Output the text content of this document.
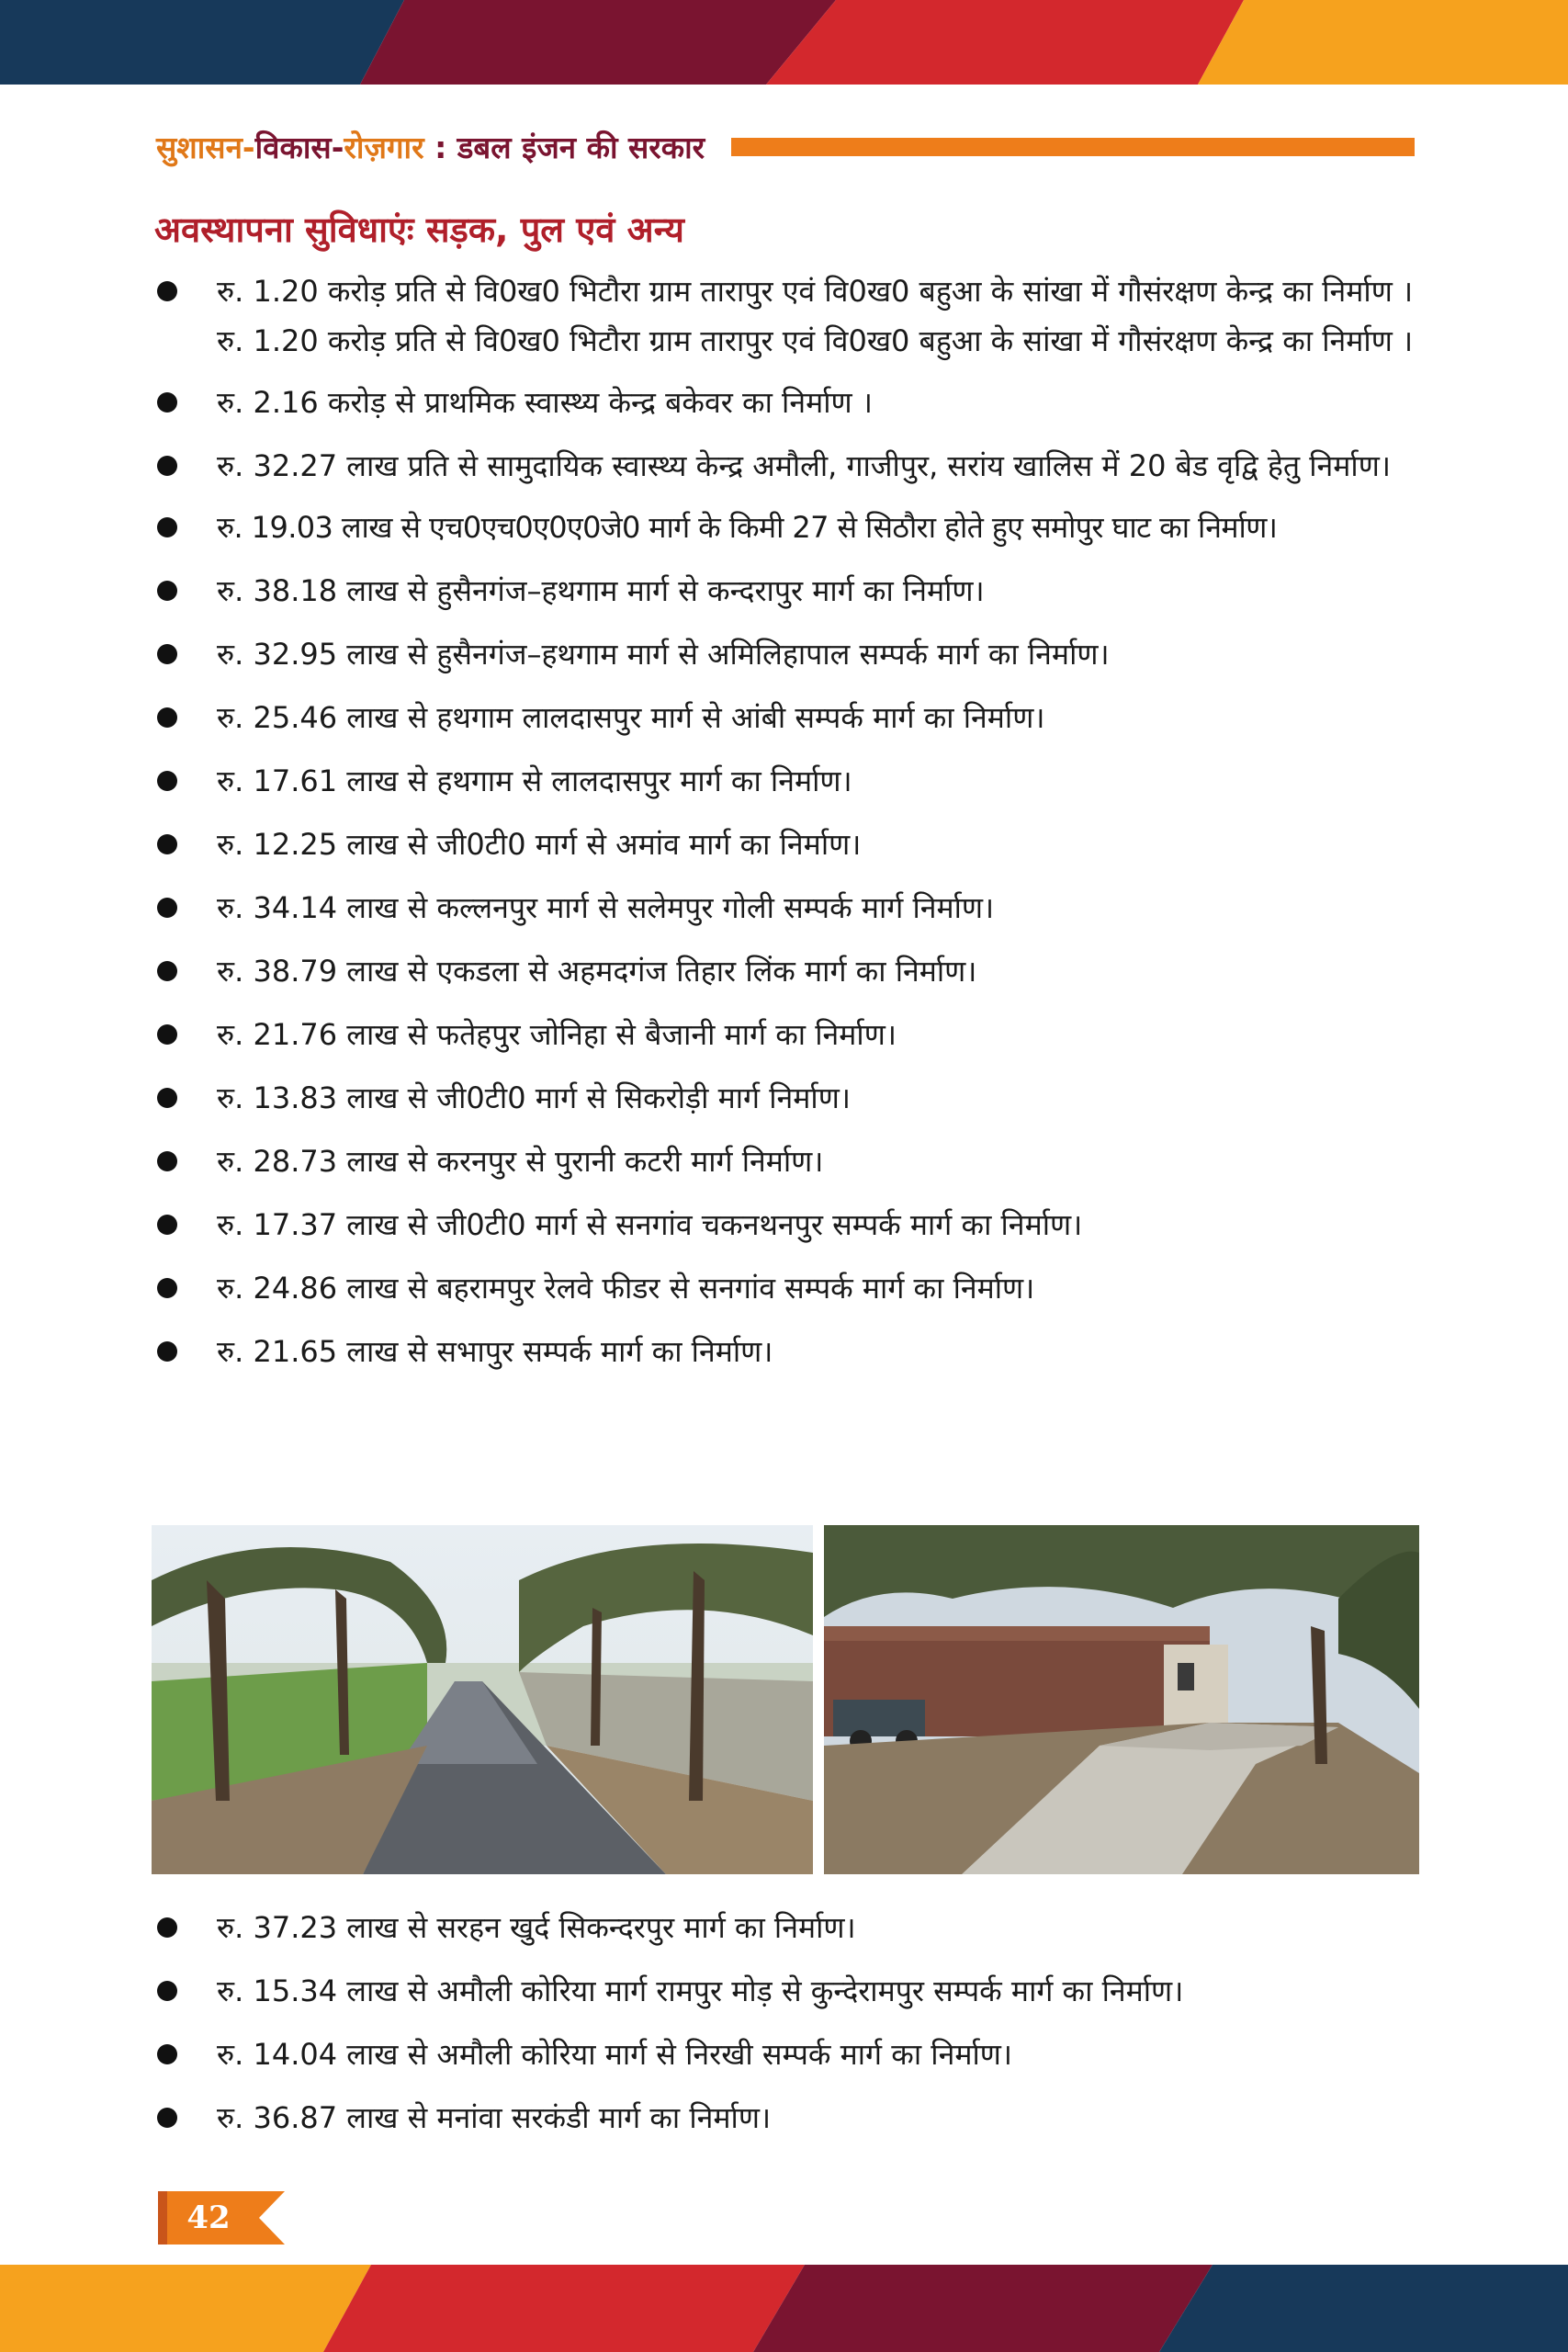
सुशासन-विकास-रोज़गार : डबल इंजन की सरकार
अवस्थापना सुविधाएंः सड़क, पुल एवं अन्य
रु. 1.20 करोड़ प्रति से वि0ख0 भिटौरा ग्राम तारापुर एवं वि0ख0 बहुआ के सांखा में गौसंरक्षण केन्द्र का निर्माण ।रु. 1.20 करोड़ प्रति से वि0ख0 भिटौरा ग्राम तारापुर एवं वि0ख0 बहुआ के सांखा में गौसंरक्षण केन्द्र का निर्माण ।
रु. 2.16 करोड़ से प्राथमिक स्वास्थ्य केन्द्र बकेवर का निर्माण ।
रु. 32.27 लाख प्रति से सामुदायिक स्वास्थ्य केन्द्र अमौली, गाजीपुर, सरांय खालिस में 20 बेड वृद्वि हेतु निर्माण।
रु. 19.03 लाख से एच0एच0ए0ए0जे0 मार्ग के किमी 27 से सिठौरा होते हुए समोपुर घाट का निर्माण।
रु. 38.18 लाख से हुसैनगंज–हथगाम मार्ग से कन्दरापुर मार्ग का निर्माण।
रु. 32.95 लाख से हुसैनगंज–हथगाम मार्ग से अमिलिहापाल सम्पर्क मार्ग का निर्माण।
रु. 25.46 लाख से हथगाम लालदासपुर मार्ग से आंबी सम्पर्क मार्ग का निर्माण।
रु. 17.61 लाख से हथगाम से लालदासपुर मार्ग का निर्माण।
रु. 12.25 लाख से जी0टी0 मार्ग से अमांव मार्ग का निर्माण।
रु. 34.14 लाख से कल्लनपुर मार्ग से सलेमपुर गोली सम्पर्क मार्ग निर्माण।
रु. 38.79 लाख से एकडला से अहमदगंज तिहार लिंक मार्ग का निर्माण।
रु. 21.76 लाख से फतेहपुर जोनिहा से बैजानी मार्ग का निर्माण।
रु. 13.83 लाख से जी0टी0 मार्ग से सिकरोड़ी मार्ग निर्माण।
रु. 28.73 लाख से करनपुर से पुरानी कटरी मार्ग निर्माण।
रु. 17.37 लाख से जी0टी0 मार्ग से सनगांव चकनथनपुर सम्पर्क मार्ग का निर्माण।
रु. 24.86 लाख से बहरामपुर रेलवे फीडर से सनगांव सम्पर्क मार्ग का निर्माण।
रु. 21.65 लाख से सभापुर सम्पर्क मार्ग का निर्माण।
रु. 37.23 लाख से सरहन खुर्द सिकन्दरपुर मार्ग का निर्माण।
रु. 15.34 लाख से अमौली कोरिया मार्ग रामपुर मोड़ से कुन्देरामपुर सम्पर्क मार्ग का निर्माण।
रु. 14.04 लाख से अमौली कोरिया मार्ग से निरखी सम्पर्क मार्ग का निर्माण।
रु. 36.87 लाख से मनांवा सरकंडी मार्ग का निर्माण।
42
